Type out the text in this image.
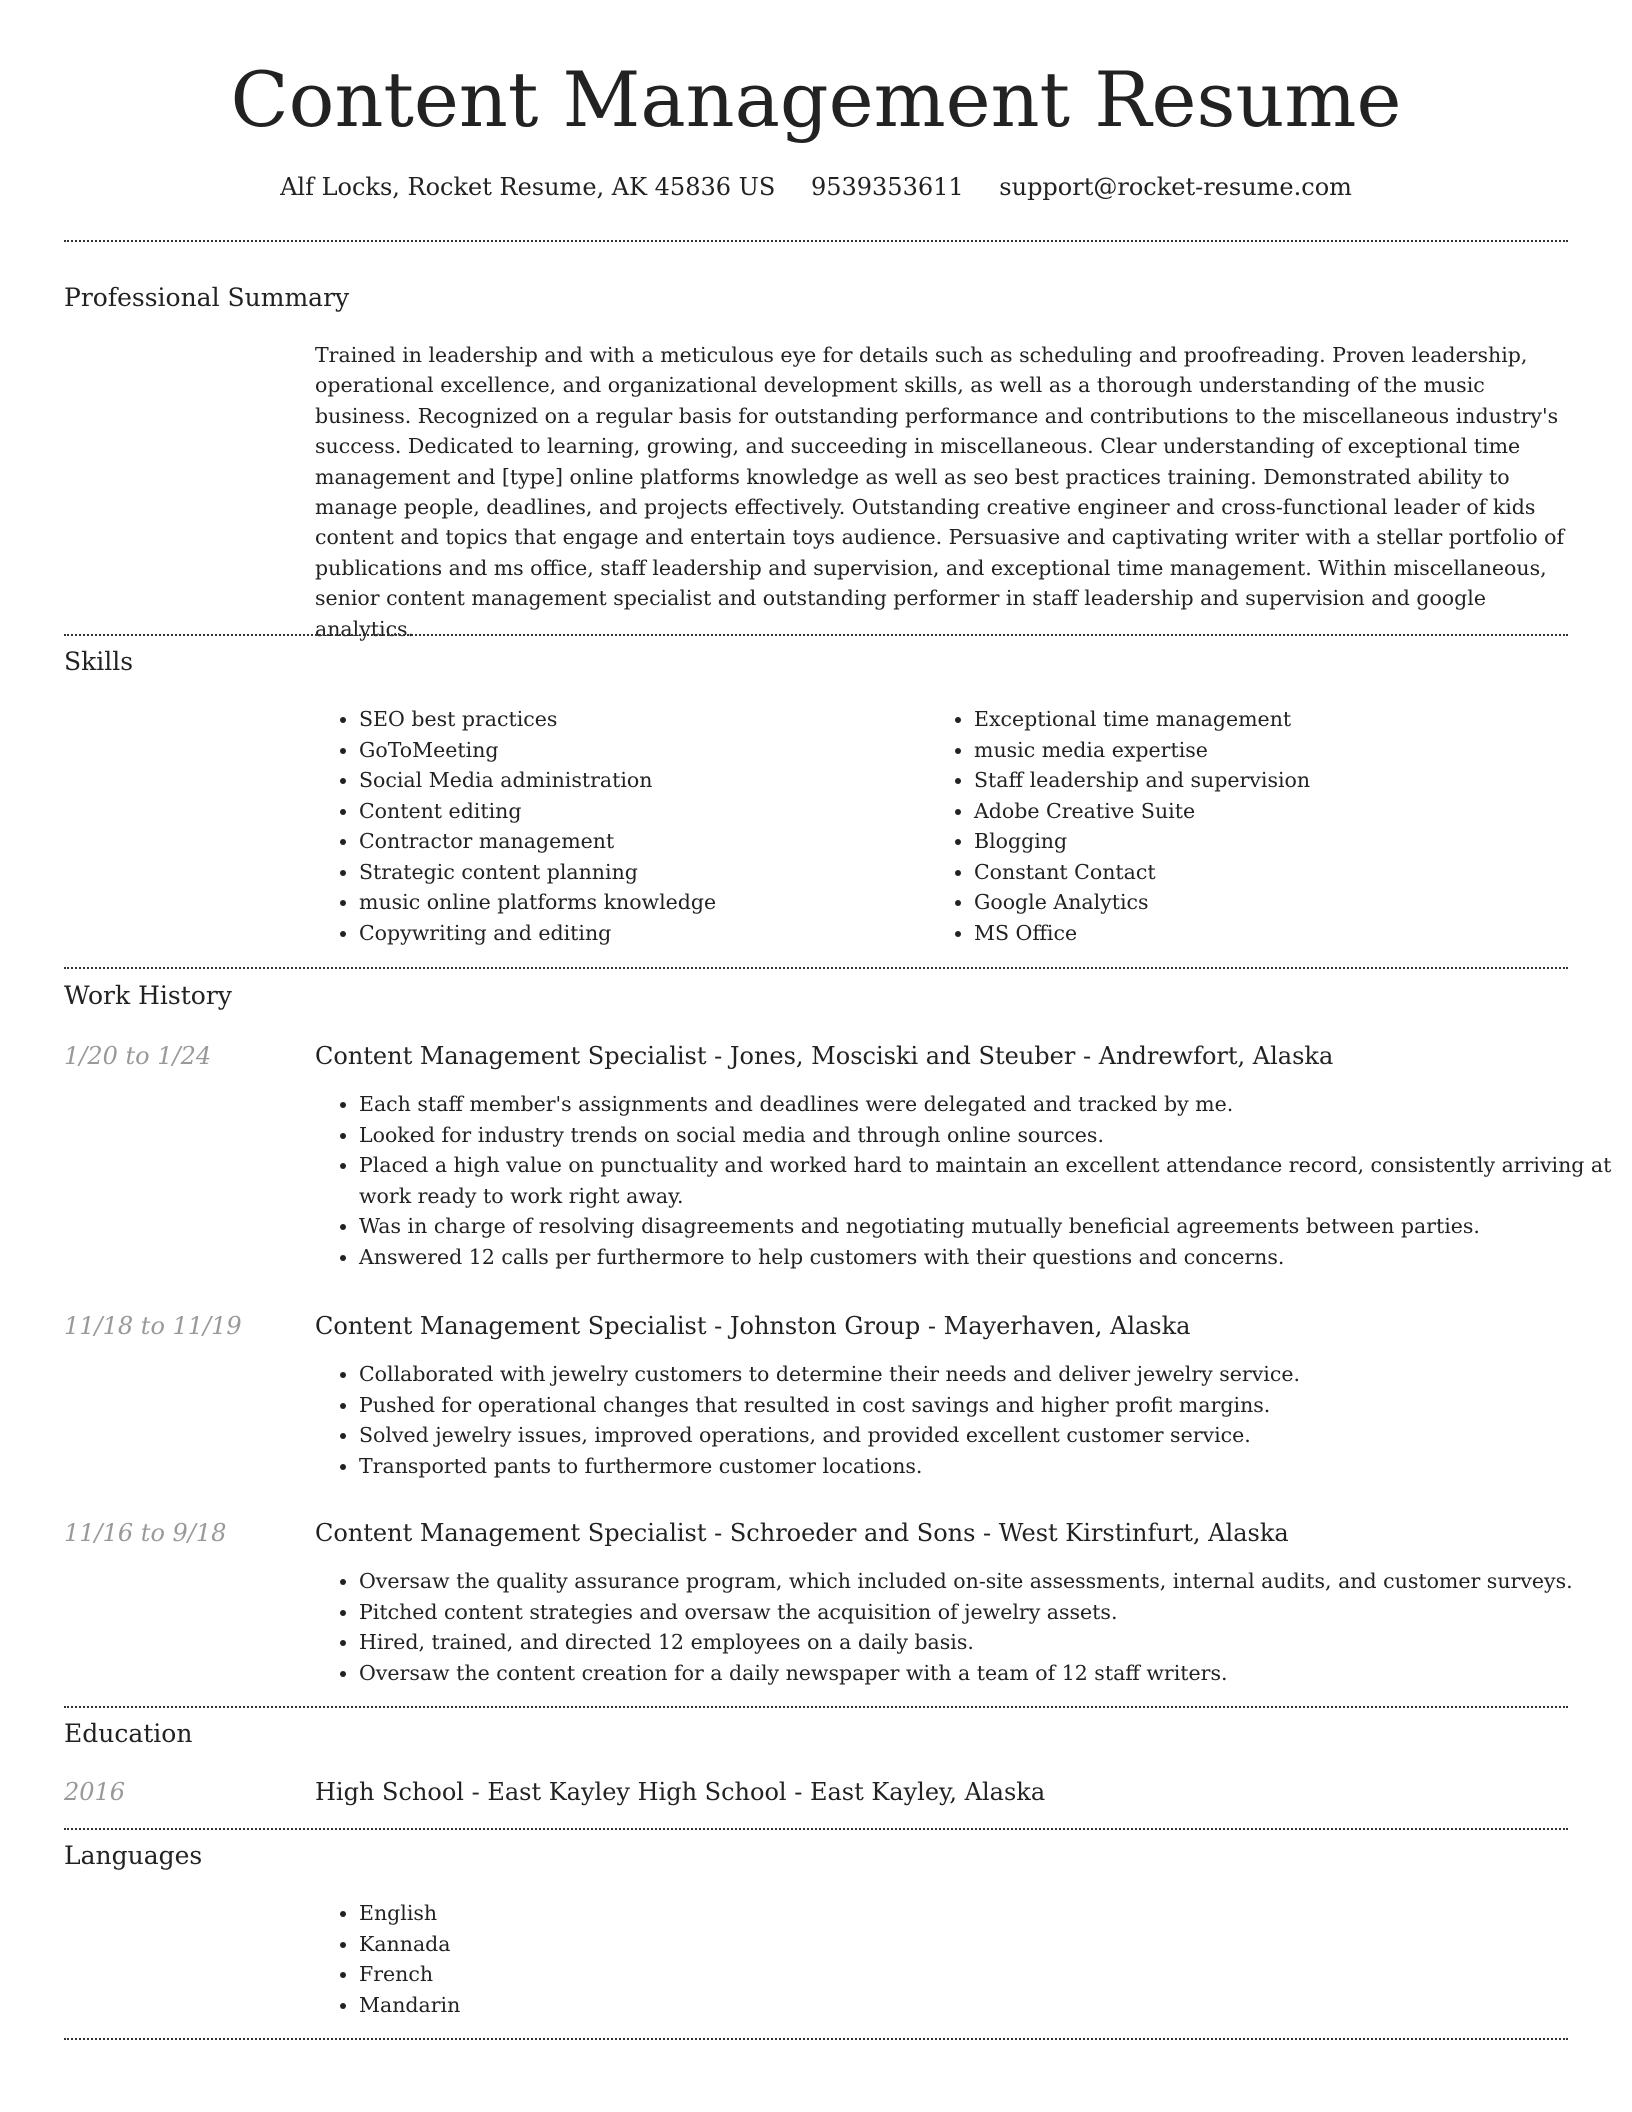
Content Management Resume
Alf Locks, Rocket Resume, AK 45836 US 9539353611 support@rocket-resume.com
Professional Summary

Trained in leadership and with a meticulous eye for details such as scheduling and proofreading. Proven leadership, operational excellence, and organizational development skills, as well as a thorough understanding of the music business. Recognized on a regular basis for outstanding performance and contributions to the miscellaneous industry's success. Dedicated to learning, growing, and succeeding in miscellaneous. Clear understanding of exceptional time management and [type] online platforms knowledge as well as seo best practices training. Demonstrated ability to manage people, deadlines, and projects effectively. Outstanding creative engineer and cross-functional leader of kids content and topics that engage and entertain toys audience. Persuasive and captivating writer with a stellar portfolio of publications and ms office, staff leadership and supervision, and exceptional time management. Within miscellaneous, senior content management specialist and outstanding performer in staff leadership and supervision and google analytics.

Skills
• SEO best practices
• GoToMeeting
• Social Media administration
• Content editing
• Contractor management
• Strategic content planning
• music online platforms knowledge
• Copywriting and editing
• Exceptional time management
• music media expertise
• Staff leadership and supervision
• Adobe Creative Suite
• Blogging
• Constant Contact
• Google Analytics
• MS Office
Work History
1/20 to 1/24	Content Management Specialist - Jones, Mosciski and Steuber - Andrewfort, Alaska
• Each staff member's assignments and deadlines were delegated and tracked by me.
• Looked for industry trends on social media and through online sources.
• Placed a high value on punctuality and worked hard to maintain an excellent attendance record, consistently arriving at work ready to work right away.
• Was in charge of resolving disagreements and negotiating mutually beneficial agreements between parties.
• Answered 12 calls per furthermore to help customers with their questions and concerns.
11/18 to 11/19	Content Management Specialist - Johnston Group - Mayerhaven, Alaska
• Collaborated with jewelry customers to determine their needs and deliver jewelry service.
• Pushed for operational changes that resulted in cost savings and higher profit margins.
• Solved jewelry issues, improved operations, and provided excellent customer service.
• Transported pants to furthermore customer locations.
11/16 to 9/18	Content Management Specialist - Schroeder and Sons - West Kirstinfurt, Alaska
• Oversaw the quality assurance program, which included on-site assessments, internal audits, and customer surveys.
• Pitched content strategies and oversaw the acquisition of jewelry assets.
• Hired, trained, and directed 12 employees on a daily basis.
• Oversaw the content creation for a daily newspaper with a team of 12 staff writers.
Education
2016	High School - East Kayley High School - East Kayley, Alaska
Languages
• English
• Kannada
• French
• Mandarin
